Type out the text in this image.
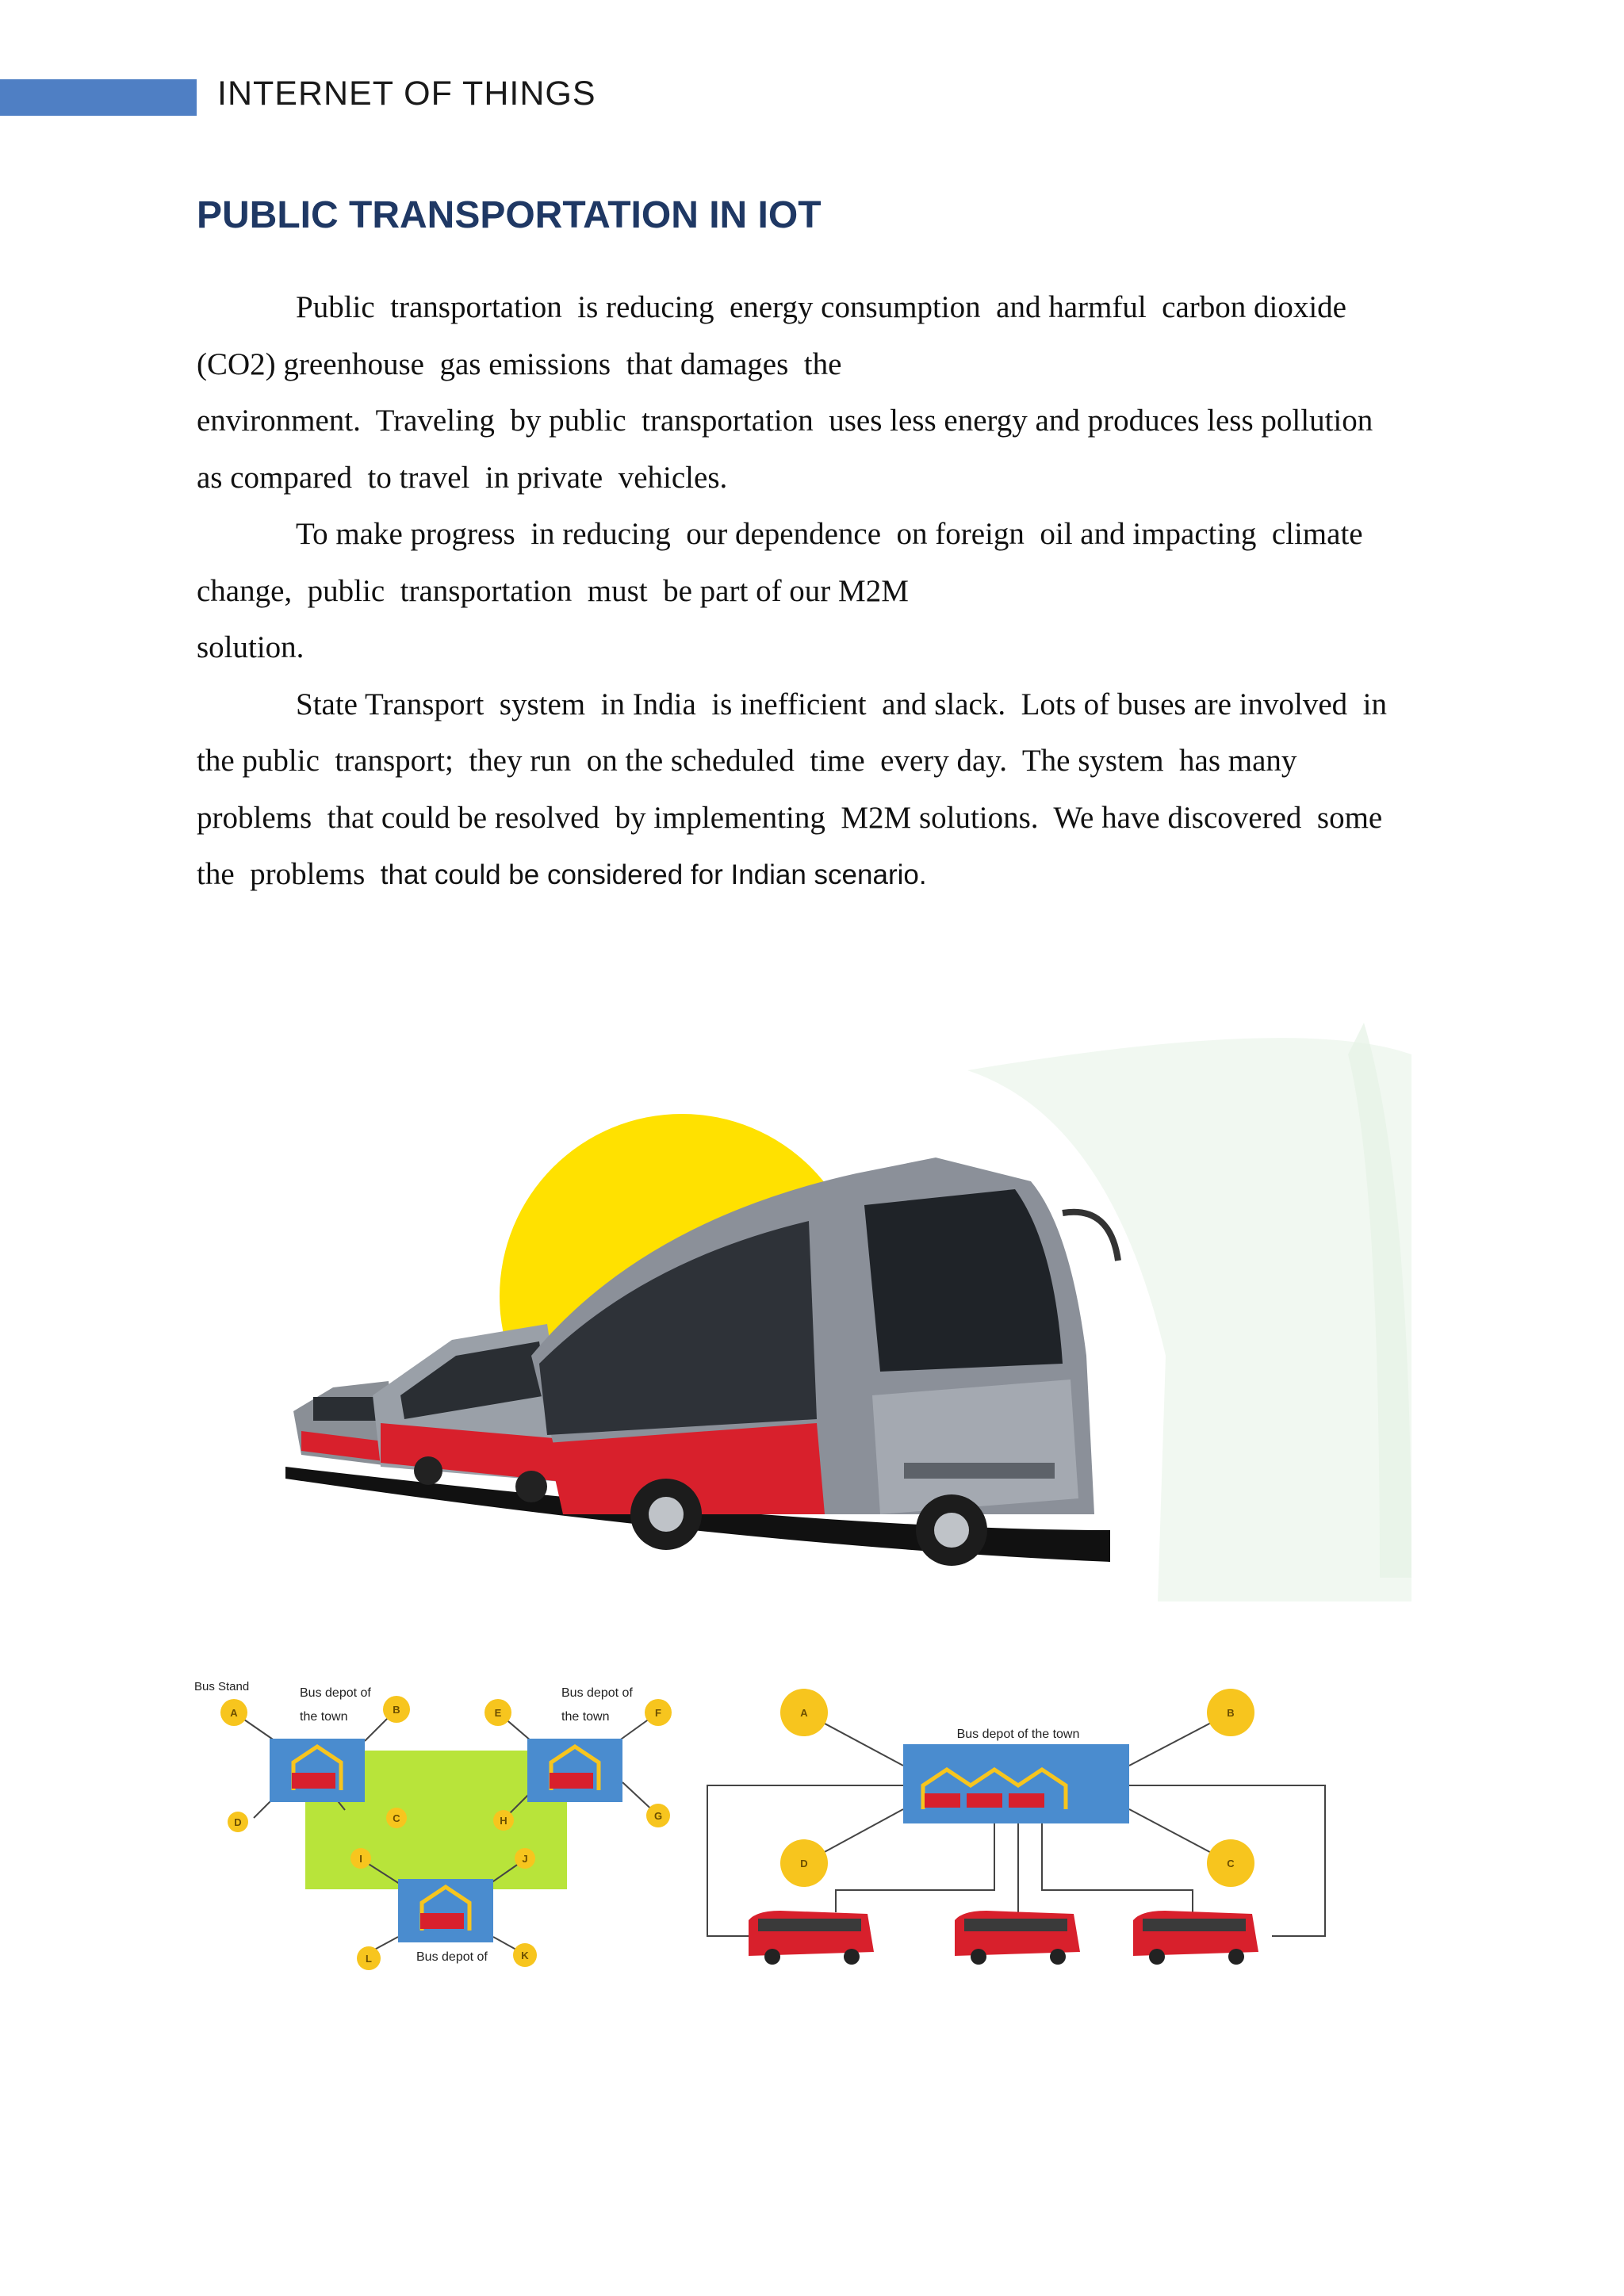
INTERNET OF THINGS
PUBLIC TRANSPORTATION IN IOT
Public  transportation  is reducing  energy consumption  and harmful  carbon dioxide
(CO2) greenhouse  gas emissions  that damages  the
environment.  Traveling  by public  transportation  uses less energy and produces less pollution
as compared  to travel  in private  vehicles.
To make progress  in reducing  our dependence  on foreign  oil and impacting  climate
change,  public  transportation  must  be part of our M2M
solution.
State Transport  system  in India  is inefficient  and slack.  Lots of buses are involved  in
the public  transport;  they run  on the scheduled  time  every day.  The system  has many
problems  that could be resolved  by implementing  M2M solutions.  We have discovered  some
the  problems  that could be considered for Indian scenario.
Bus Stand	Bus depot of
the town
Bus depot of
the town
Bus depot of
A	B
C
D
E	F
G
H
I	J
K
L
Bus depot of the town
A	B
C
D
